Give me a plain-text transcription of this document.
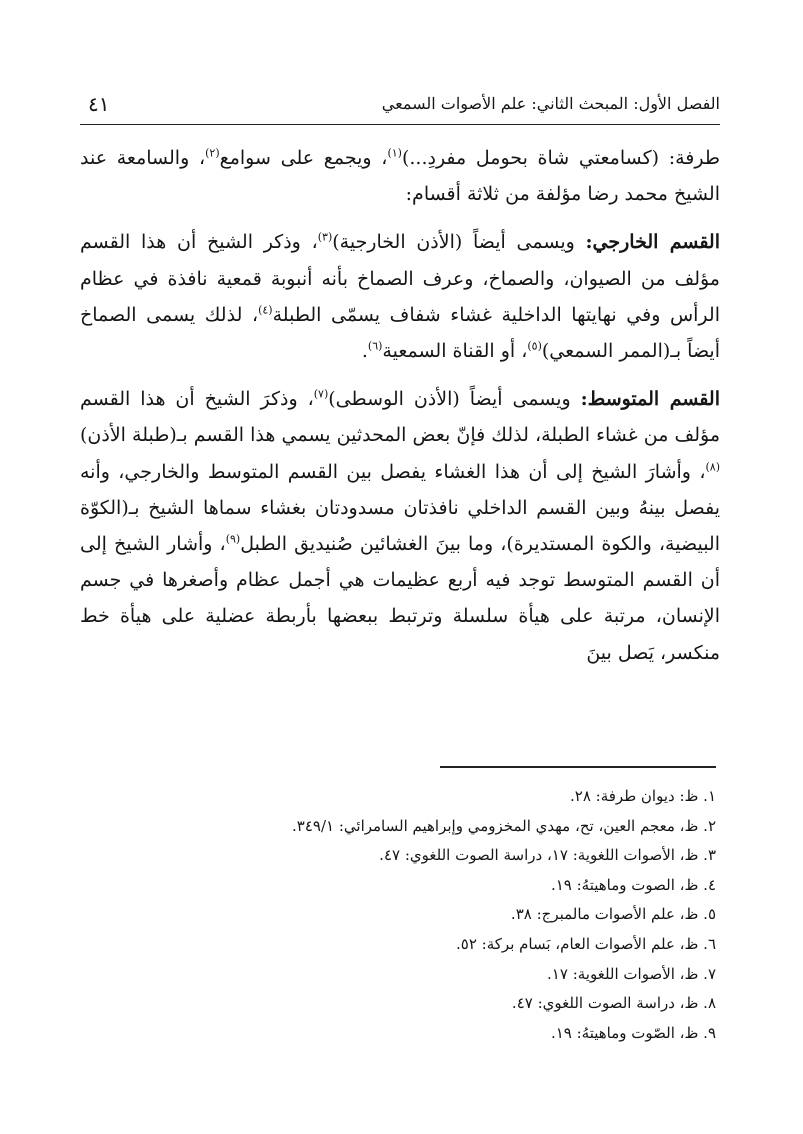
الفصل الأول: المبحث الثاني: علم الأصوات السمعي
٤١

طرفة: (كسامعتي شاة بحومل مفردِ...)$^{(١)}$، ويجمع على سوامع$^{(٢)}$، والسامعة عند الشيخ محمد رضا مؤلفة من ثلاثة أقسام:

القسم الخارجي: ويسمى أيضاً (الأذن الخارجية)$^{(٣)}$، وذكر الشيخ أن هذا القسم مؤلف من الصيوان، والصماخ، وعرف الصماخ بأنه أنبوبة قمعية نافذة في عظام الرأس وفي نهايتها الداخلية غشاء شفاف يسمّى الطبلة$^{(٤)}$، لذلك يسمى الصماخ أيضاً بـ(الممر السمعي)$^{(٥)}$، أو القناة السمعية$^{(٦)}$.

القسم المتوسط: ويسمى أيضاً (الأذن الوسطى)$^{(٧)}$، وذكرَ الشيخ أن هذا القسم مؤلف من غشاء الطبلة، لذلك فإنّ بعض المحدثين يسمي هذا القسم بـ(طبلة الأذن)$^{(٨)}$، وأشارَ الشيخ إلى أن هذا الغشاء يفصل بين القسم المتوسط والخارجي، وأنه يفصل بينهُ وبين القسم الداخلي نافذتان مسدودتان بغشاء سماها الشيخ بـ(الكوّة البيضية، والكوة المستديرة)، وما بينَ الغشائين صُنيديق الطبل$^{(٩)}$، وأشار الشيخ إلى أن القسم المتوسط توجد فيه أربع عظيمات هي أجمل عظام وأصغرها في جسم الإنسان، مرتبة على هيأة سلسلة وترتبط ببعضها بأربطة عضلية على هيأة خط منكسر، يَصل بينَ

١. ظ: ديوان طرفة: ٢٨.
٢. ظ، معجم العين، تح، مهدي المخزومي وإبراهيم السامرائي: ٣٤٩/١.
٣. ظ، الأصوات اللغوية: ١٧، دراسة الصوت اللغوي: ٤٧.
٤. ظ، الصوت وماهيتهُ: ١٩.
٥. ظ، علم الأصوات مالمبرج: ٣٨.
٦. ظ، علم الأصوات العام، بَسام بركة: ٥٢.
٧. ظ، الأصوات اللغوية: ١٧.
٨. ظ، دراسة الصوت اللغوي: ٤٧.
٩. ظ، الصّوت وماهيتهُ: ١٩.
